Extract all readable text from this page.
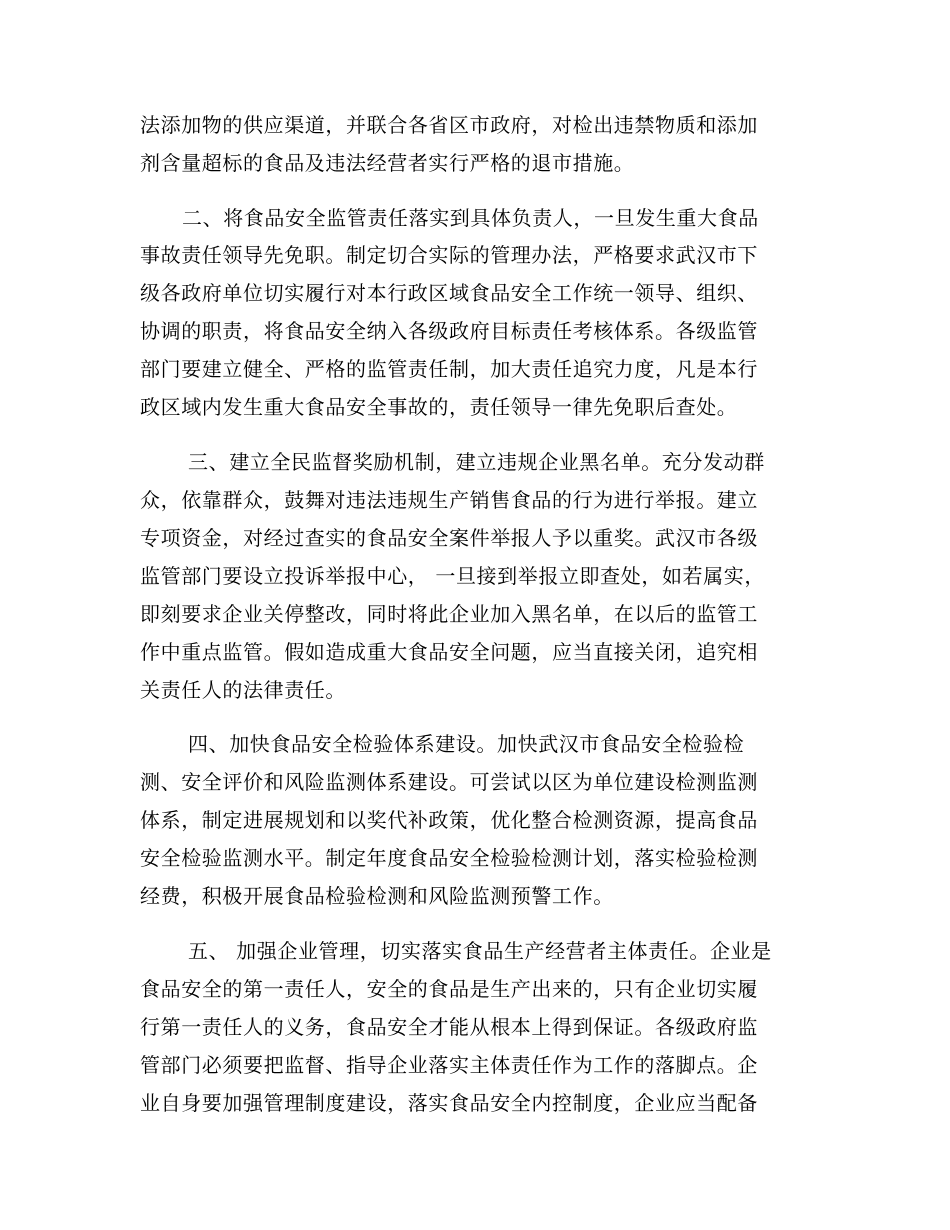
法添加物的供应渠道，并联合各省区市政府，对检出违禁物质和添加

剂含量超标的食品及违法经营者实行严格的退市措施。

二、将食品安全监管责任落实到具体负责人，一旦发生重大食品

事故责任领导先免职。制定切合实际的管理办法，严格要求武汉市下

级各政府单位切实履行对本行政区域食品安全工作统一领导、组织、

协调的职责，将食品安全纳入各级政府目标责任考核体系。各级监管

部门要建立健全、严格的监管责任制，加大责任追究力度，凡是本行

政区域内发生重大食品安全事故的，责任领导一律先免职后查处。

三、建立全民监督奖励机制，建立违规企业黑名单。充分发动群

众，依靠群众，鼓舞对违法违规生产销售食品的行为进行举报。建立

专项资金，对经过查实的食品安全案件举报人予以重奖。武汉市各级

监管部门要设立投诉举报中心， 一旦接到举报立即查处，如若属实，

即刻要求企业关停整改，同时将此企业加入黑名单，在以后的监管工

作中重点监管。假如造成重大食品安全问题，应当直接关闭，追究相

关责任人的法律责任。

四、加快食品安全检验体系建设。加快武汉市食品安全检验检

测、安全评价和风险监测体系建设。可尝试以区为单位建设检测监测

体系，制定进展规划和以奖代补政策，优化整合检测资源，提高食品

安全检验监测水平。制定年度食品安全检验检测计划，落实检验检测

经费，积极开展食品检验检测和风险监测预警工作。

五、 加强企业管理，切实落实食品生产经营者主体责任。企业是

食品安全的第一责任人，安全的食品是生产出来的，只有企业切实履

行第一责任人的义务，食品安全才能从根本上得到保证。各级政府监

管部门必须要把监督、指导企业落实主体责任作为工作的落脚点。企

业自身要加强管理制度建设，落实食品安全内控制度，企业应当配备
